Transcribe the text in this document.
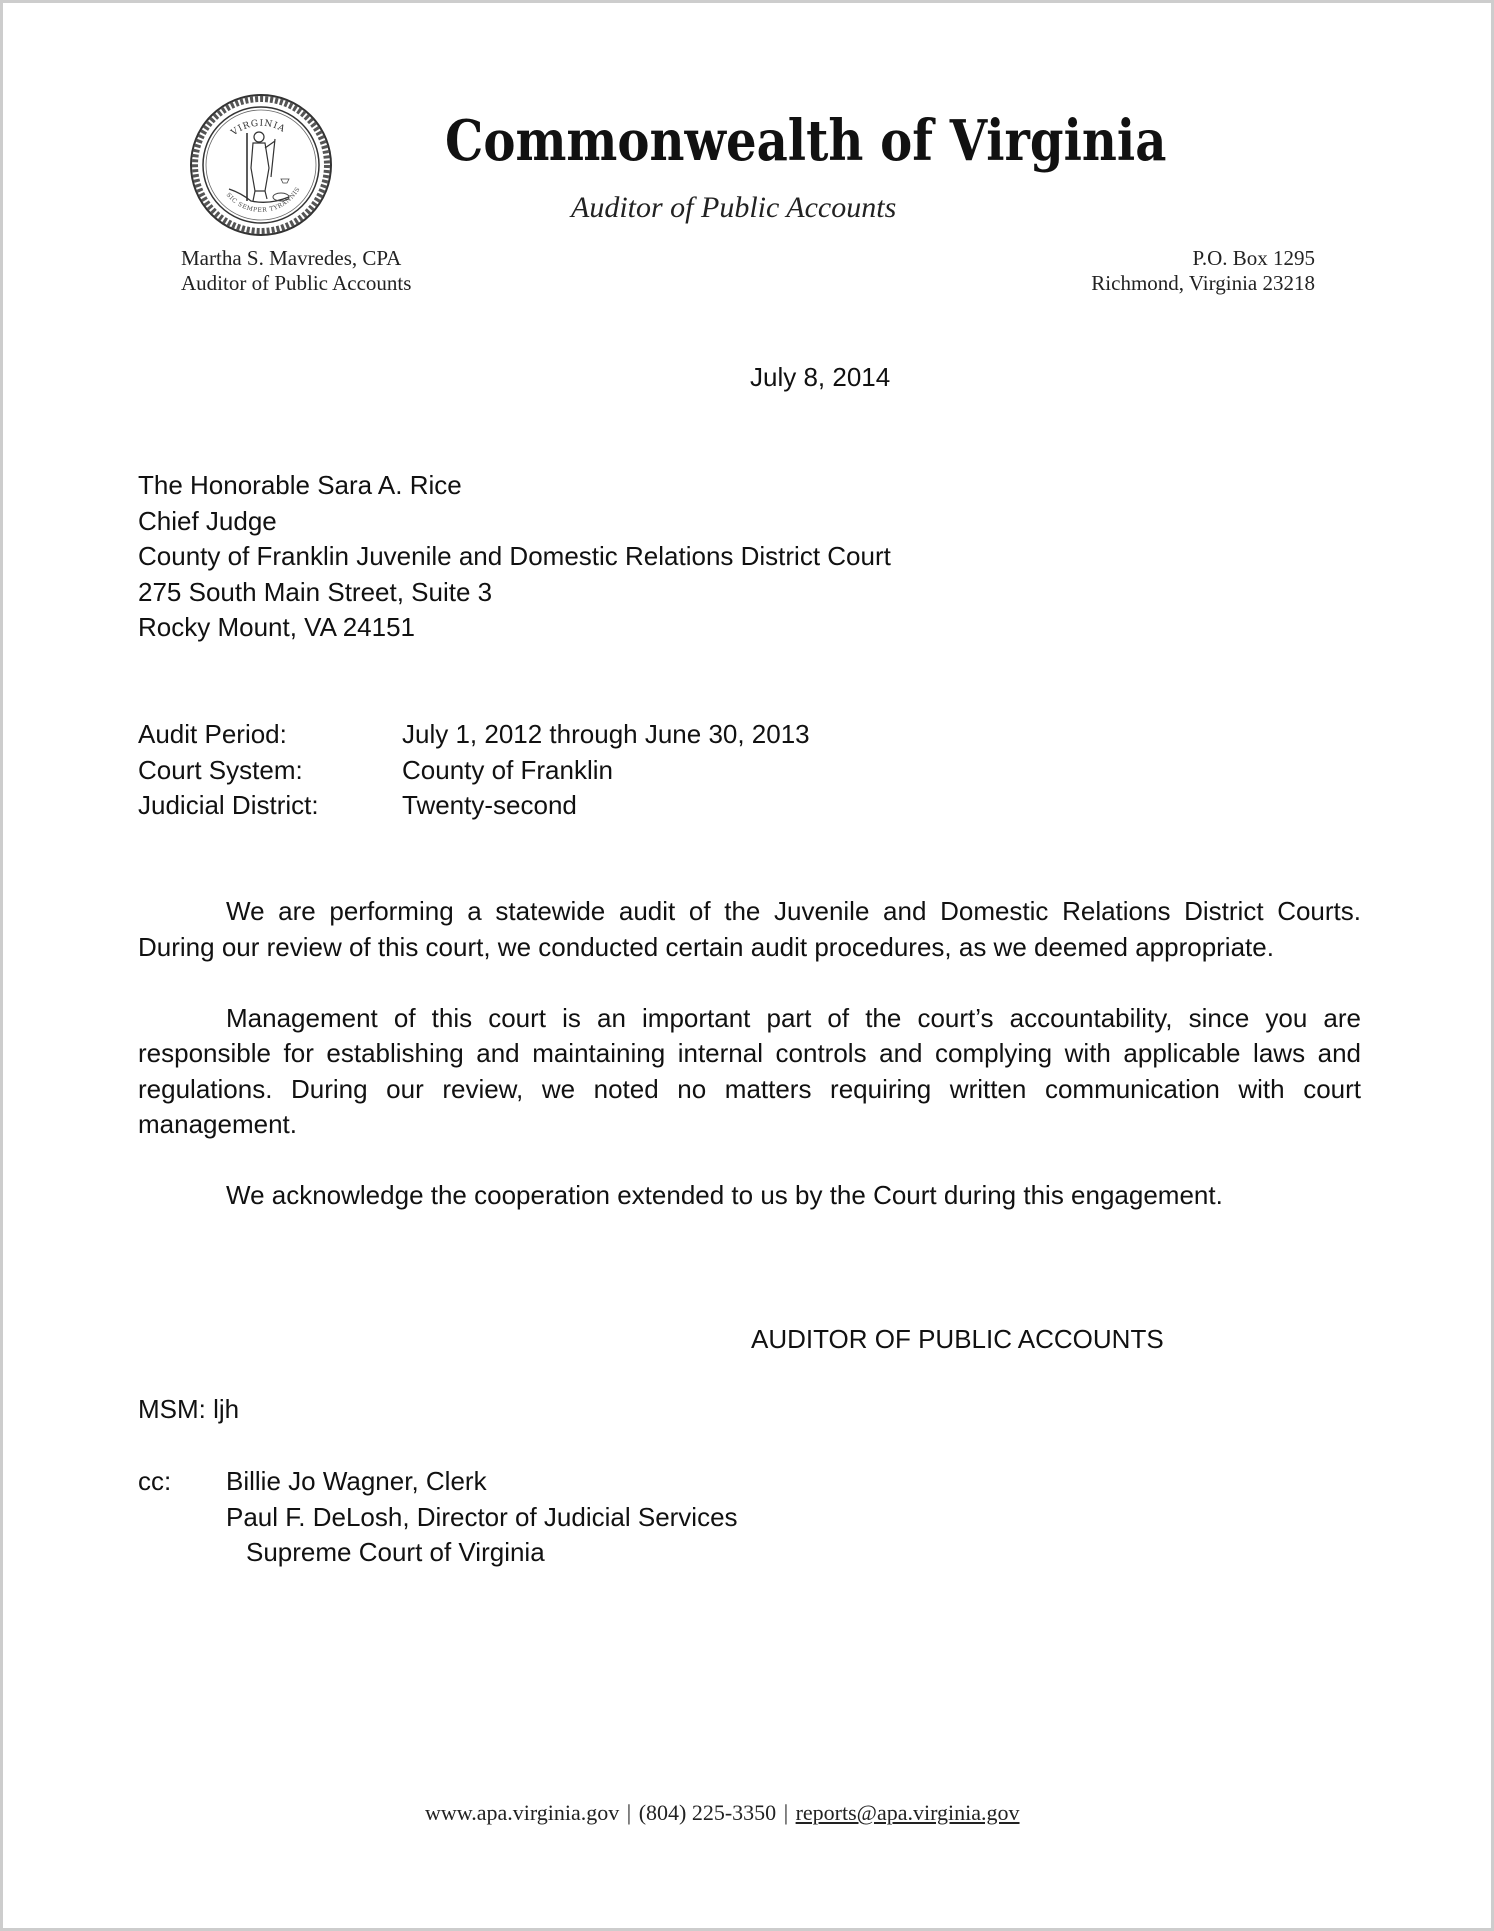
VIRGINIA
SIC SEMPER TYRANNIS
Commonwealth of Virginia
Auditor of Public Accounts
Martha S. Mavredes, CPA
Auditor of Public Accounts
P.O. Box 1295
Richmond, Virginia 23218
July 8, 2014
The Honorable Sara A. Rice
Chief Judge
County of Franklin Juvenile and Domestic Relations District Court
275 South Main Street, Suite 3
Rocky Mount, VA 24151
Audit Period:	July 1, 2012 through June 30, 2013
Court System:	County of Franklin
Judicial District:	Twenty-second

We are performing a statewide audit of the Juvenile and Domestic Relations District Courts. During our review of this court, we conducted certain audit procedures, as we deemed appropriate.

Management of this court is an important part of the court’s accountability, since you are responsible for establishing and maintaining internal controls and complying with applicable laws and regulations. During our review, we noted no matters requiring written communication with court management.

We acknowledge the cooperation extended to us by the Court during this engagement.

AUDITOR OF PUBLIC ACCOUNTS
MSM: ljh
cc:	Billie Jo Wagner, Clerk
Paul F. DeLosh, Director of Judicial Services
Supreme Court of Virginia
www.apa.virginia.gov | (804) 225-3350 | reports@apa.virginia.gov
